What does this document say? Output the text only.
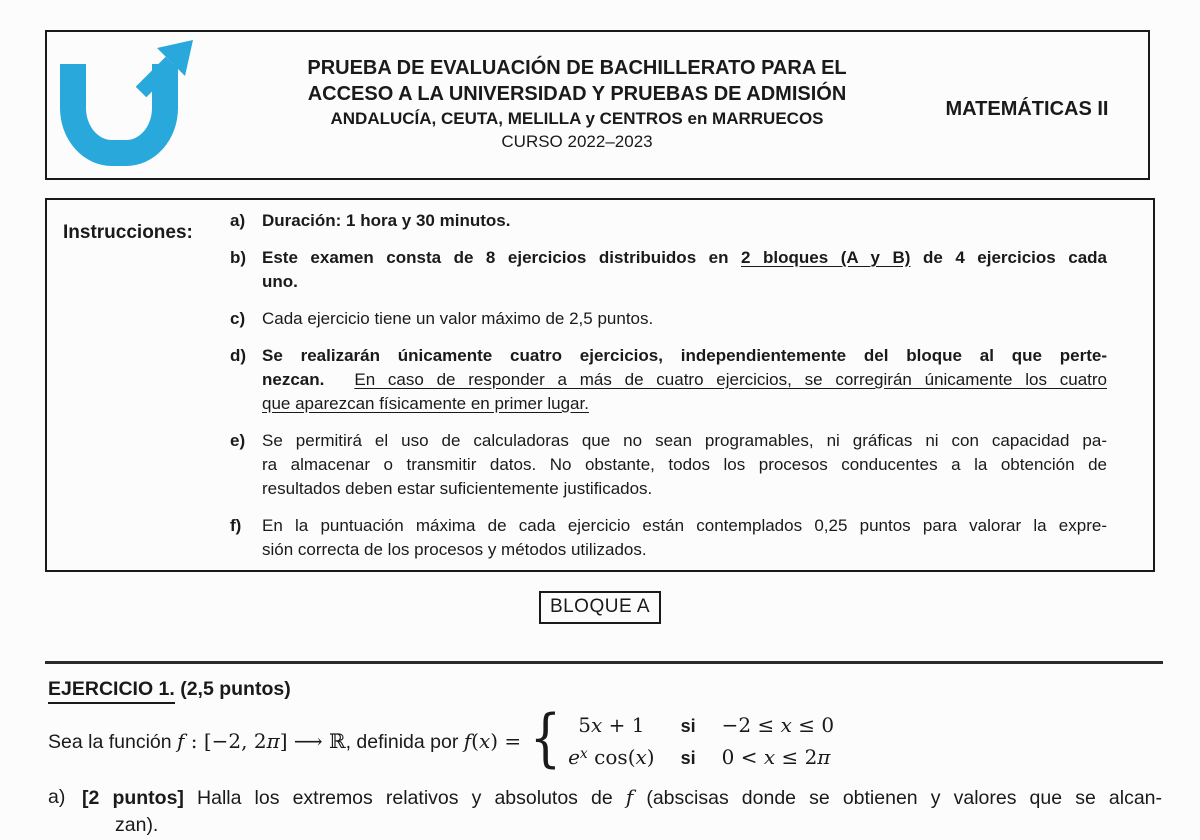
PRUEBA DE EVALUACIÓN DE BACHILLERATO PARA EL
ACCESO A LA UNIVERSIDAD Y PRUEBAS DE ADMISIÓN
ANDALUCÍA, CEUTA, MELILLA y CENTROS en MARRUECOS
CURSO 2022–2023
MATEMÁTICAS II
Instrucciones:
a) Duración: 1 hora y 30 minutos.
b) Este examen consta de 8 ejercicios distribuidos en 2 bloques (A y B) de 4 ejercicios cada
uno.
c) Cada ejercicio tiene un valor máximo de 2,5 puntos.
d) Se realizarán únicamente cuatro ejercicios, independientemente del bloque al que perte-
nezcan. En caso de responder a más de cuatro ejercicios, se corregirán únicamente los cuatro
que aparezcan físicamente en primer lugar.
e) Se permitirá el uso de calculadoras que no sean programables, ni gráficas ni con capacidad pa-
ra almacenar o transmitir datos. No obstante, todos los procesos conducentes a la obtención de
resultados deben estar suficientemente justificados.
f)	En la puntuación máxima de cada ejercicio están contemplados 0,25 puntos para valorar la expre-
sión correcta de los procesos y métodos utilizados.
BLOQUE A
EJERCICIO 1. (2,5 puntos)
Sea la función f : [−2, 2π] ⟶ ℝ, definida por f(x) = { 5x + 1 si −2 ≤ x ≤ 0
$e^x$ cos(x) si 0 < x ≤ 2π
a) [2 puntos] Halla los extremos relativos y absolutos de f (abscisas donde se obtienen y valores que se alcan-
zan).
